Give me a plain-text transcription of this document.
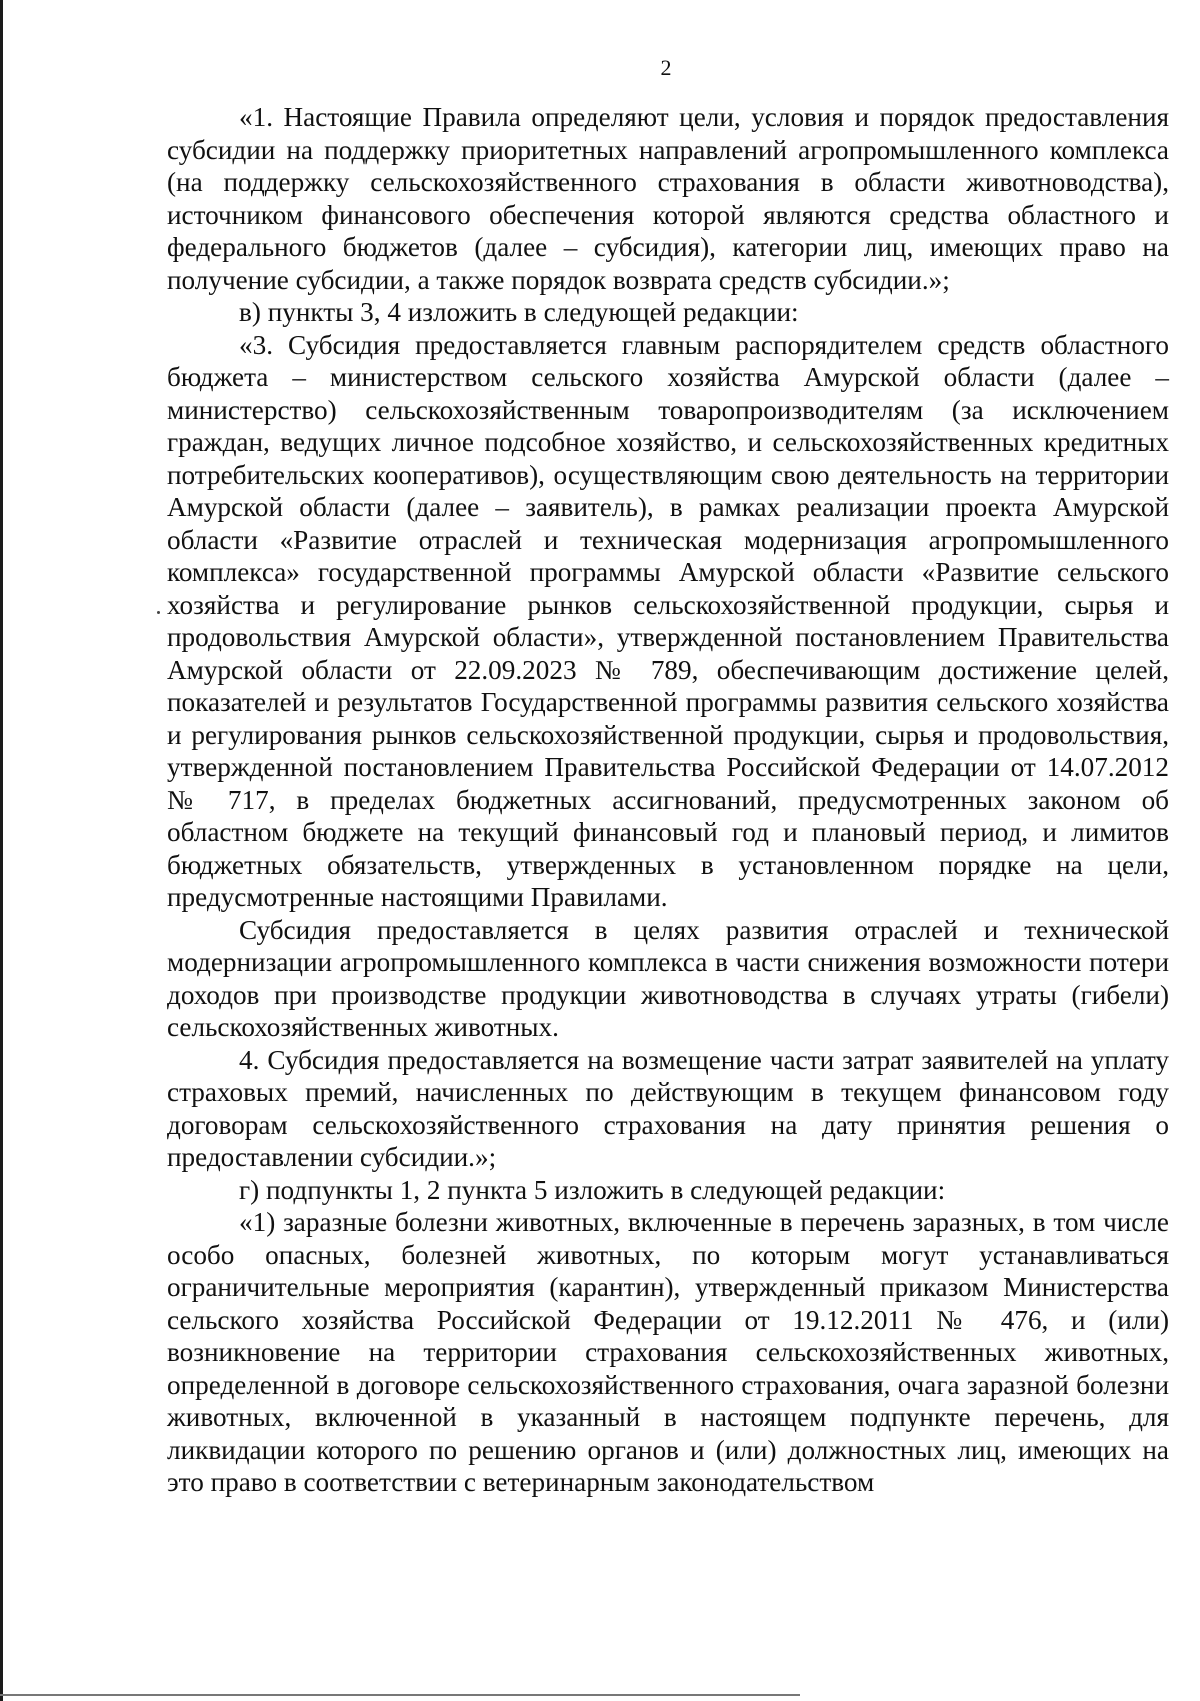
2

«1. Настоящие Правила определяют цели, условия и порядок предоставления субсидии на поддержку приоритетных направлений агропромышленного комплекса (на поддержку сельскохозяйственного страхования в области животноводства), источником финансового обеспечения которой являются средства областного и федерального бюджетов (далее – субсидия), категории лиц, имеющих право на получение субсидии, а также порядок возврата средств субсидии.»;

в) пункты 3, 4 изложить в следующей редакции:

«3. Субсидия предоставляется главным распорядителем средств областного бюджета – министерством сельского хозяйства Амурской области (далее – министерство) сельскохозяйственным товаропроизводителям (за исключением граждан, ведущих личное подсобное хозяйство, и сельскохозяйственных кредитных потребительских кооперативов), осуществляющим свою деятельность на территории Амурской области (далее – заявитель), в рамках реализации проекта Амурской области «Развитие отраслей и техническая модернизация агропромышленного комплекса» государственной программы Амурской области «Развитие сельского хозяйства и регулирование рынков сельскохозяйственной продукции, сырья и продовольствия Амурской области», утвержденной постановлением Правительства Амурской области от 22.09.2023 № 789, обеспечивающим достижение целей, показателей и результатов Государственной программы развития сельского хозяйства и регулирования рынков сельскохозяйственной продукции, сырья и продовольствия, утвержденной постановлением Правительства Российской Федерации от 14.07.2012 № 717, в пределах бюджетных ассигнований, предусмотренных законом об областном бюджете на текущий финансовый год и плановый период, и лимитов бюджетных обязательств, утвержденных в установленном порядке на цели, предусмотренные настоящими Правилами.

Субсидия предоставляется в целях развития отраслей и технической модернизации агропромышленного комплекса в части снижения возможности потери доходов при производстве продукции животноводства в случаях утраты (гибели) сельскохозяйственных животных.

4. Субсидия предоставляется на возмещение части затрат заявителей на уплату страховых премий, начисленных по действующим в текущем финансовом году договорам сельскохозяйственного страхования на дату принятия решения о предоставлении субсидии.»;

г) подпункты 1, 2 пункта 5 изложить в следующей редакции:

«1) заразные болезни животных, включенные в перечень заразных, в том числе особо опасных, болезней животных, по которым могут устанавливаться ограничительные мероприятия (карантин), утвержденный приказом Министерства сельского хозяйства Российской Федерации от 19.12.2011 № 476, и (или) возникновение на территории страхования сельскохозяйственных животных, определенной в договоре сельскохозяйственного страхования, очага заразной болезни животных, включенной в указанный в настоящем подпункте перечень, для ликвидации которого по решению органов и (или) должностных лиц, имеющих на это право в соответствии с ветеринарным законодательством
